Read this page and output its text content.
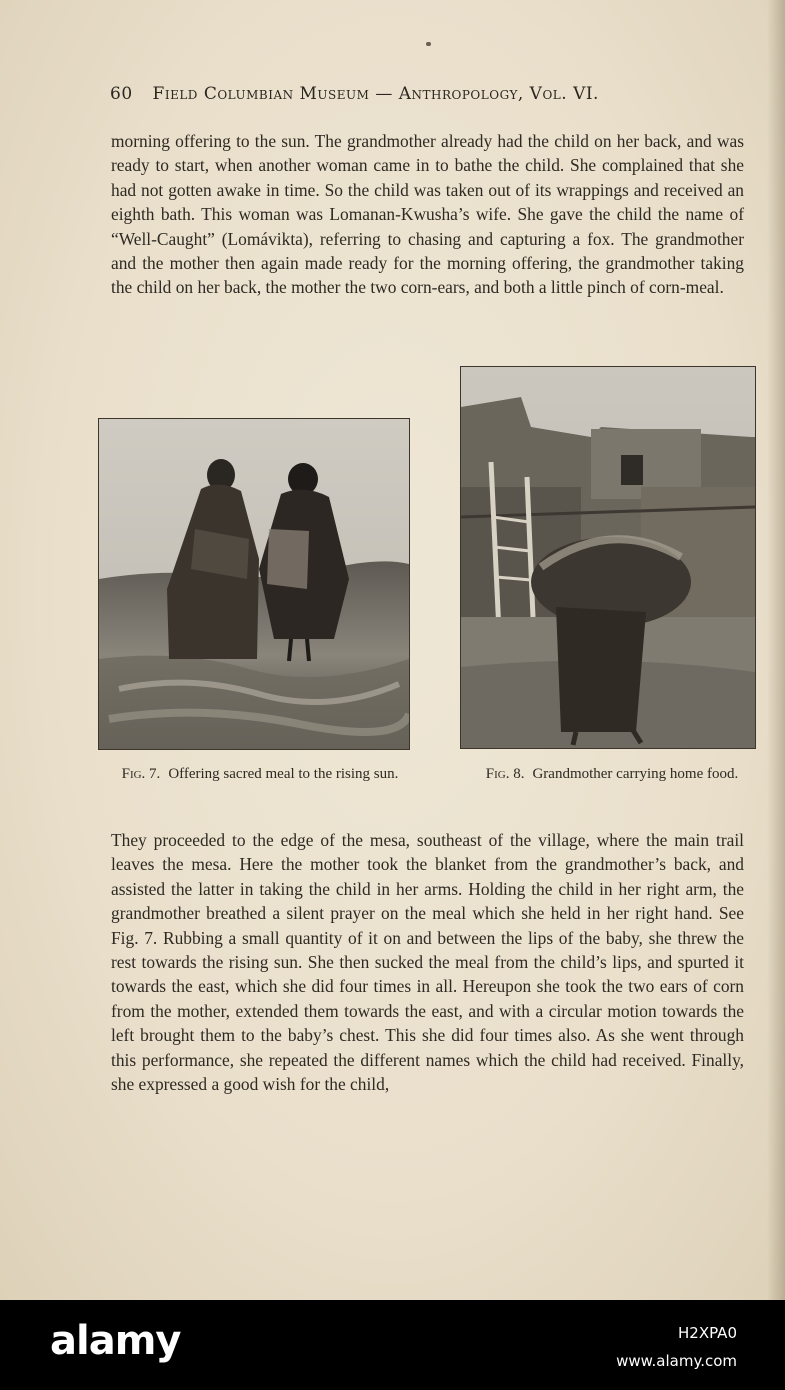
60 Field Columbian Museum — Anthropology, Vol. VI.
morning offering to the sun. The grandmother already had the child on her back, and was ready to start, when another woman came in to bathe the child. She complained that she had not gotten awake in time. So the child was taken out of its wrappings and received an eighth bath. This woman was Lomanan-Kwusha’s wife. She gave the child the name of “Well-Caught” (Lomávikta), referring to chasing and capturing a fox. The grandmother and the mother then again made ready for the morning offering, the grandmother taking the child on her back, the mother the two corn-ears, and both a little pinch of corn-meal.
Fig. 7. Offering sacred meal to the rising sun.	Fig. 8. Grandmother carrying home food.
They proceeded to the edge of the mesa, southeast of the village, where the main trail leaves the mesa. Here the mother took the blanket from the grandmother’s back, and assisted the latter in taking the child in her arms. Holding the child in her right arm, the grandmother breathed a silent prayer on the meal which she held in her right hand. See Fig. 7. Rubbing a small quantity of it on and between the lips of the baby, she threw the rest towards the rising sun. She then sucked the meal from the child’s lips, and spurted it towards the east, which she did four times in all. Hereupon she took the two ears of corn from the mother, extended them towards the east, and with a circular motion towards the left brought them to the baby’s chest. This she did four times also. As she went through this performance, she repeated the different names which the child had received. Finally, she expressed a good wish for the child,
alamy	H2XPA0
www.alamy.com
